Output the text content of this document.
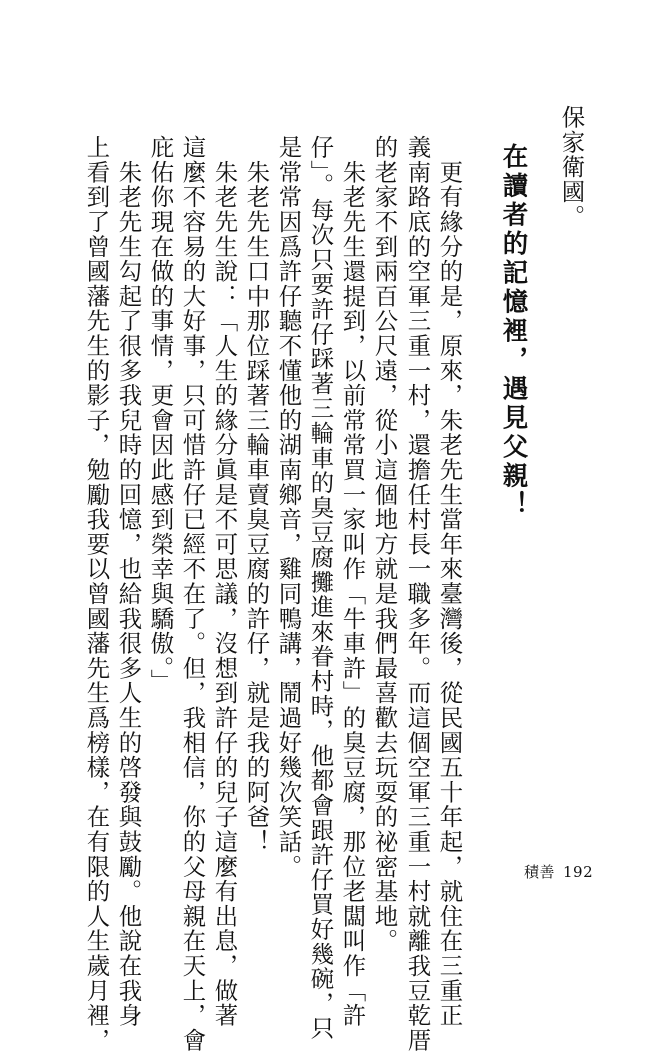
保家衛國。
在讀者的記憶裡，遇見父親！
　更有緣分的是，原來，朱老先生當年來臺灣後，從民國五十年起，就住在三重正
義南路底的空軍三重一村，還擔任村長一職多年。而這個空軍三重一村就離我豆乾厝
的老家不到兩百公尺遠，從小這個地方就是我們最喜歡去玩耍的祕密基地。
　朱老先生還提到，以前常常買一家叫作「牛車許」的臭豆腐，那位老闆叫作「許
仔」。每次只要許仔踩著三輪車的臭豆腐攤進來眷村時，他都會跟許仔買好幾碗，只
是常常因爲許仔聽不懂他的湖南鄉音，雞同鴨講，鬧過好幾次笑話。
　朱老先生口中那位踩著三輪車賣臭豆腐的許仔，就是我的阿爸！
　朱老先生說：「人生的緣分眞是不可思議，沒想到許仔的兒子這麼有出息，做著
這麼不容易的大好事，只可惜許仔已經不在了。但，我相信，你的父母親在天上，會
庇佑你現在做的事情，更會因此感到榮幸與驕傲。」
　朱老先生勾起了很多我兒時的回憶，也給我很多人生的啓發與鼓勵。他說在我身
上看到了曾國藩先生的影子，勉勵我要以曾國藩先生爲榜樣，在有限的人生歲月裡，	積善 192
